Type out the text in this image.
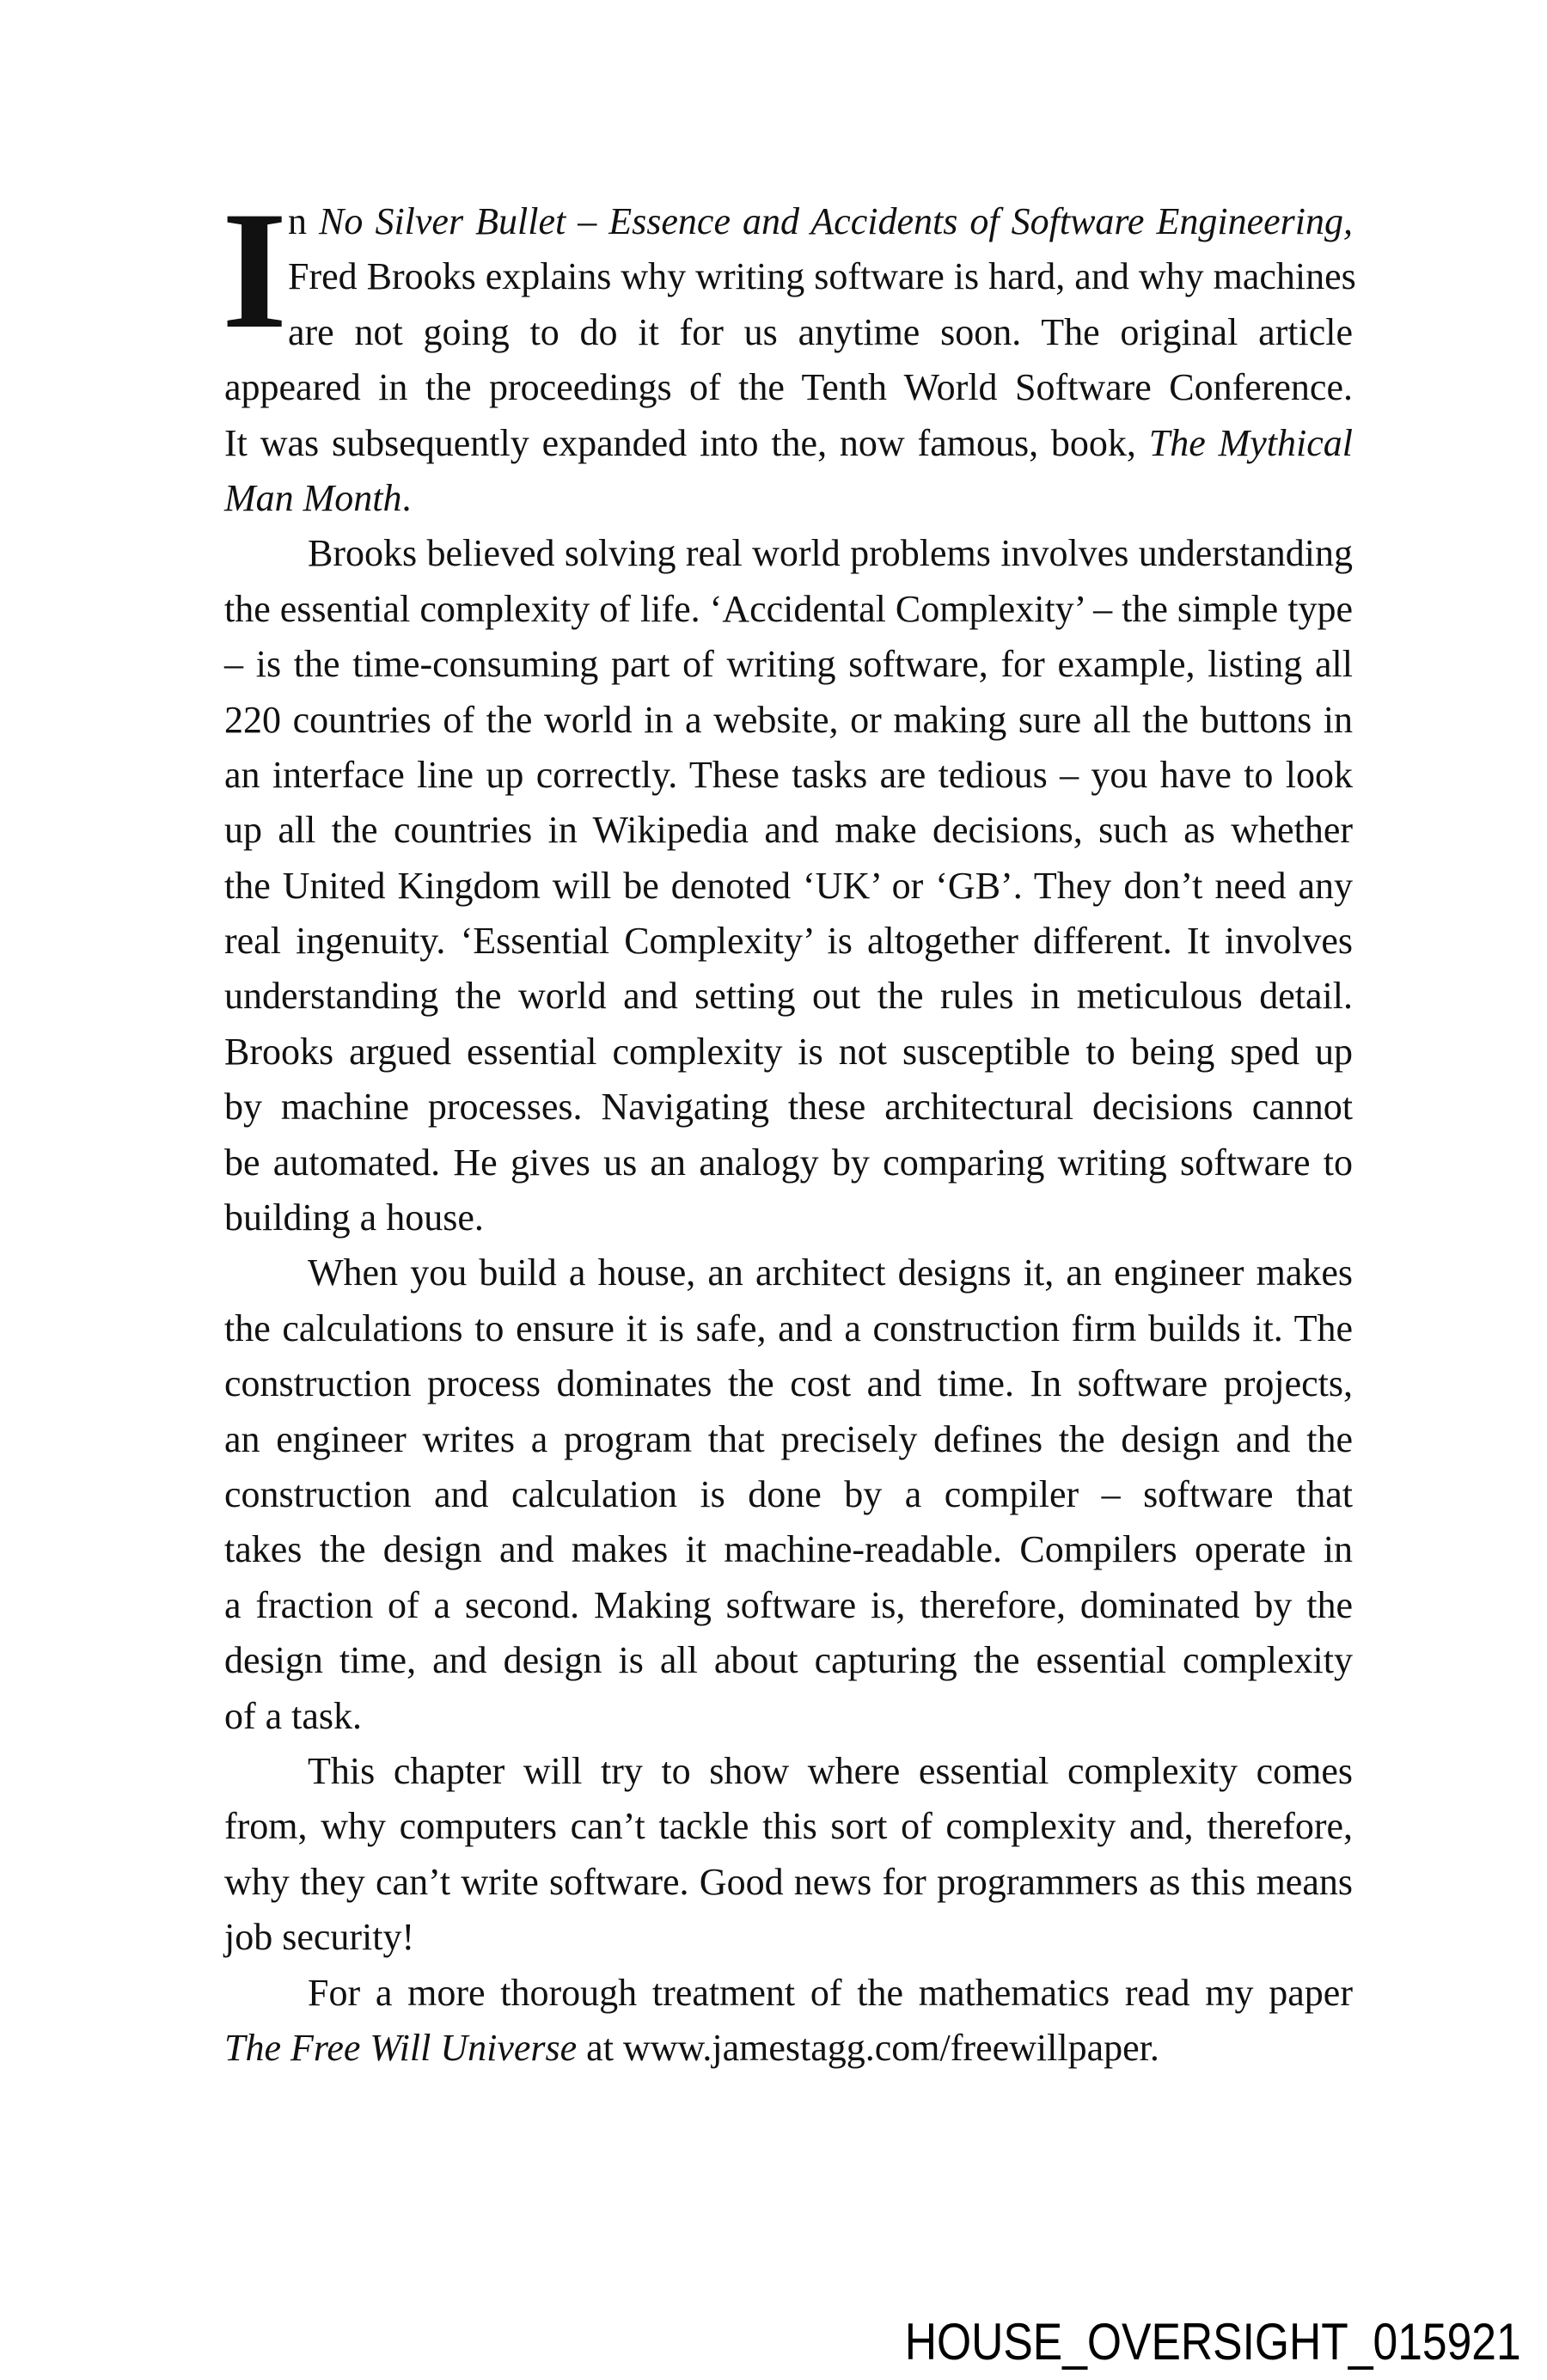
I n No Silver Bullet – Essence and Accidents of Software Engineering,
Fred Brooks explains why writing software is hard, and why machines
are not going to do it for us anytime soon. The original article
appeared in the proceedings of the Tenth World Software Conference.
It was subsequently expanded into the, now famous, book, The Mythical
Man Month.
Brooks believed solving real world problems involves understanding
the essential complexity of life. ‘Accidental Complexity’ – the simple type
– is the time-consuming part of writing software, for example, listing all
220 countries of the world in a website, or making sure all the buttons in
an interface line up correctly. These tasks are tedious – you have to look
up all the countries in Wikipedia and make decisions, such as whether
the United Kingdom will be denoted ‘UK’ or ‘GB’. They don’t need any
real ingenuity. ‘Essential Complexity’ is altogether different. It involves
understanding the world and setting out the rules in meticulous detail.
Brooks argued essential complexity is not susceptible to being sped up
by machine processes. Navigating these architectural decisions cannot
be automated. He gives us an analogy by comparing writing software to
building a house.
When you build a house, an architect designs it, an engineer makes
the calculations to ensure it is safe, and a construction firm builds it. The
construction process dominates the cost and time. In software projects,
an engineer writes a program that precisely defines the design and the
construction and calculation is done by a compiler – software that
takes the design and makes it machine-readable. Compilers operate in
a fraction of a second. Making software is, therefore, dominated by the
design time, and design is all about capturing the essential complexity
of a task.
This chapter will try to show where essential complexity comes
from, why computers can’t tackle this sort of complexity and, therefore,
why they can’t write software. Good news for programmers as this means
job security!
For a more thorough treatment of the mathematics read my paper
The Free Will Universe at www.jamestagg.com/freewillpaper.
HOUSE_OVERSIGHT_015921
